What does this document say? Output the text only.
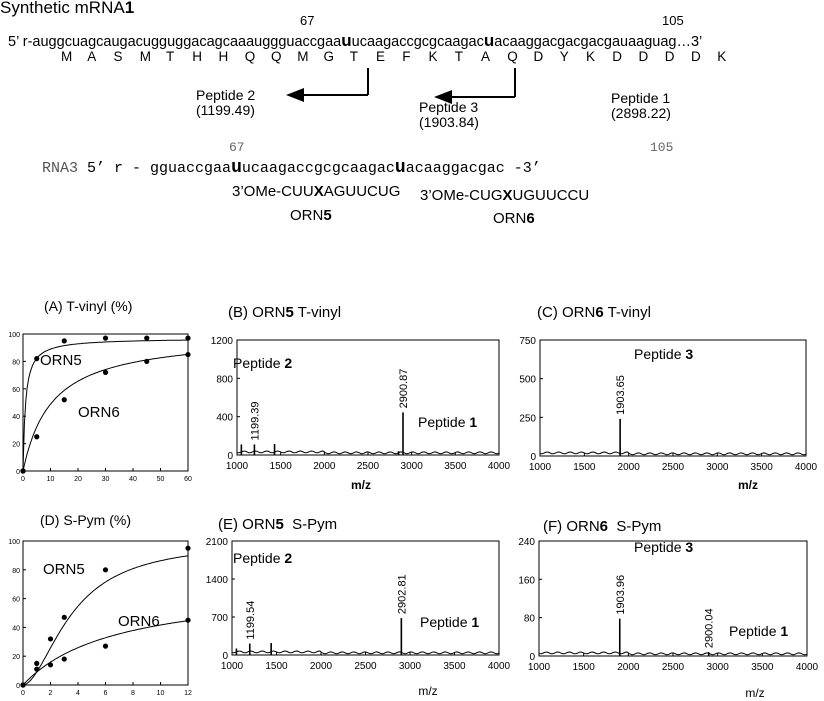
Synthetic mRNA1
67	105
5’ r-auggcuagcaugacugguggacagcaaauggguaccgaauucaagaccgcgcaagacuacaaggacgacgacgauaaguag…3’
M A S M T H H Q Q M G T E F K T A Q D Y K D D D D K
Peptide 2
(1199.49)	Peptide 3
(1903.84)
Peptide 1
(2898.22)
67	105
RNA3 5’ r - gguaccgaauucaagaccgcgcaagacuacaaggacgac -3’
3’OMe-CUUXAGUUCUG
ORN5
3’OMe-CUGXUGUUCCU
ORN6
(A) T-vinyl (%)	(B) ORN5 T-vinyl	(C) ORN6 T-vinyl
(D) S-Pym (%)	(E) ORN5  S-Pym	(F) ORN6  S-Pym
0
20
40
60
80
100
0	10	20	30	40	50	60
ORN5
ORN6
0
400
800
1200
1000 1500 2000 2500 3000 3500 4000
1199.39
2900.87
Peptide 2
Peptide 1
m/z
0
250
500
750
1000 1500 2000 2500 3000 3500 4000
1903.65
Peptide 3
m/z
0
20
40
60
80
100
0	2	4	6	8	10	12
ORN5
ORN6
0
700
1400
2100
1000 1500 2000 2500 3000 3500 4000
1199.54
2902.81
Peptide 2
Peptide 1
m/z
0
80
160
240
1000 1500 2000 2500 3000 3500 4000
1903.96
2900.04
Peptide 3
Peptide 1
m/z
